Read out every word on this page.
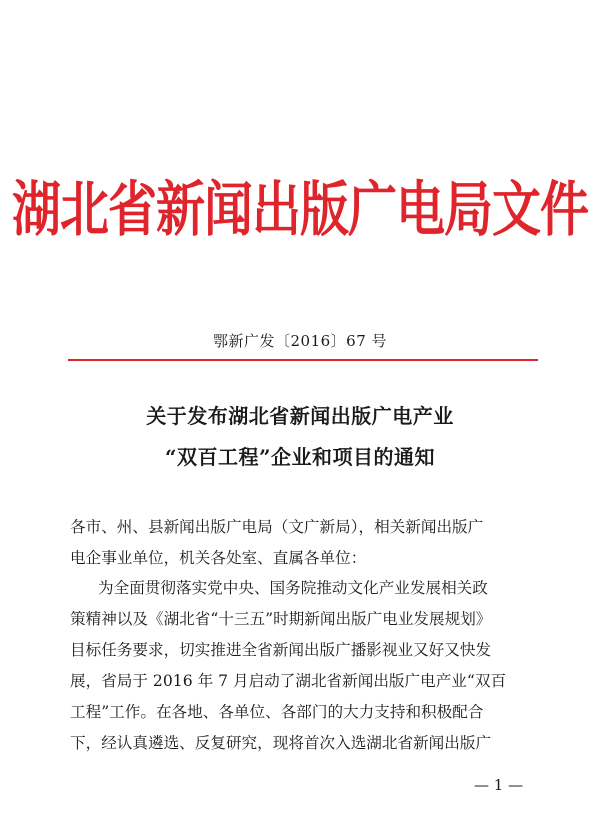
湖北省新闻出版广电局文件
鄂新广发〔2016〕67 号
关于发布湖北省新闻出版广电产业
“双百工程”企业和项目的通知
各市、州、县新闻出版广电局（文广新局），相关新闻出版广
电企事业单位，机关各处室、直属各单位：
为全面贯彻落实党中央、国务院推动文化产业发展相关政
策精神以及《湖北省“十三五”时期新闻出版广电业发展规划》
目标任务要求，切实推进全省新闻出版广播影视业又好又快发
展，省局于 2016 年 7 月启动了湖北省新闻出版广电产业“双百
工程”工作。在各地、各单位、各部门的大力支持和积极配合
下，经认真遴选、反复研究，现将首次入选湖北省新闻出版广
— 1 —
